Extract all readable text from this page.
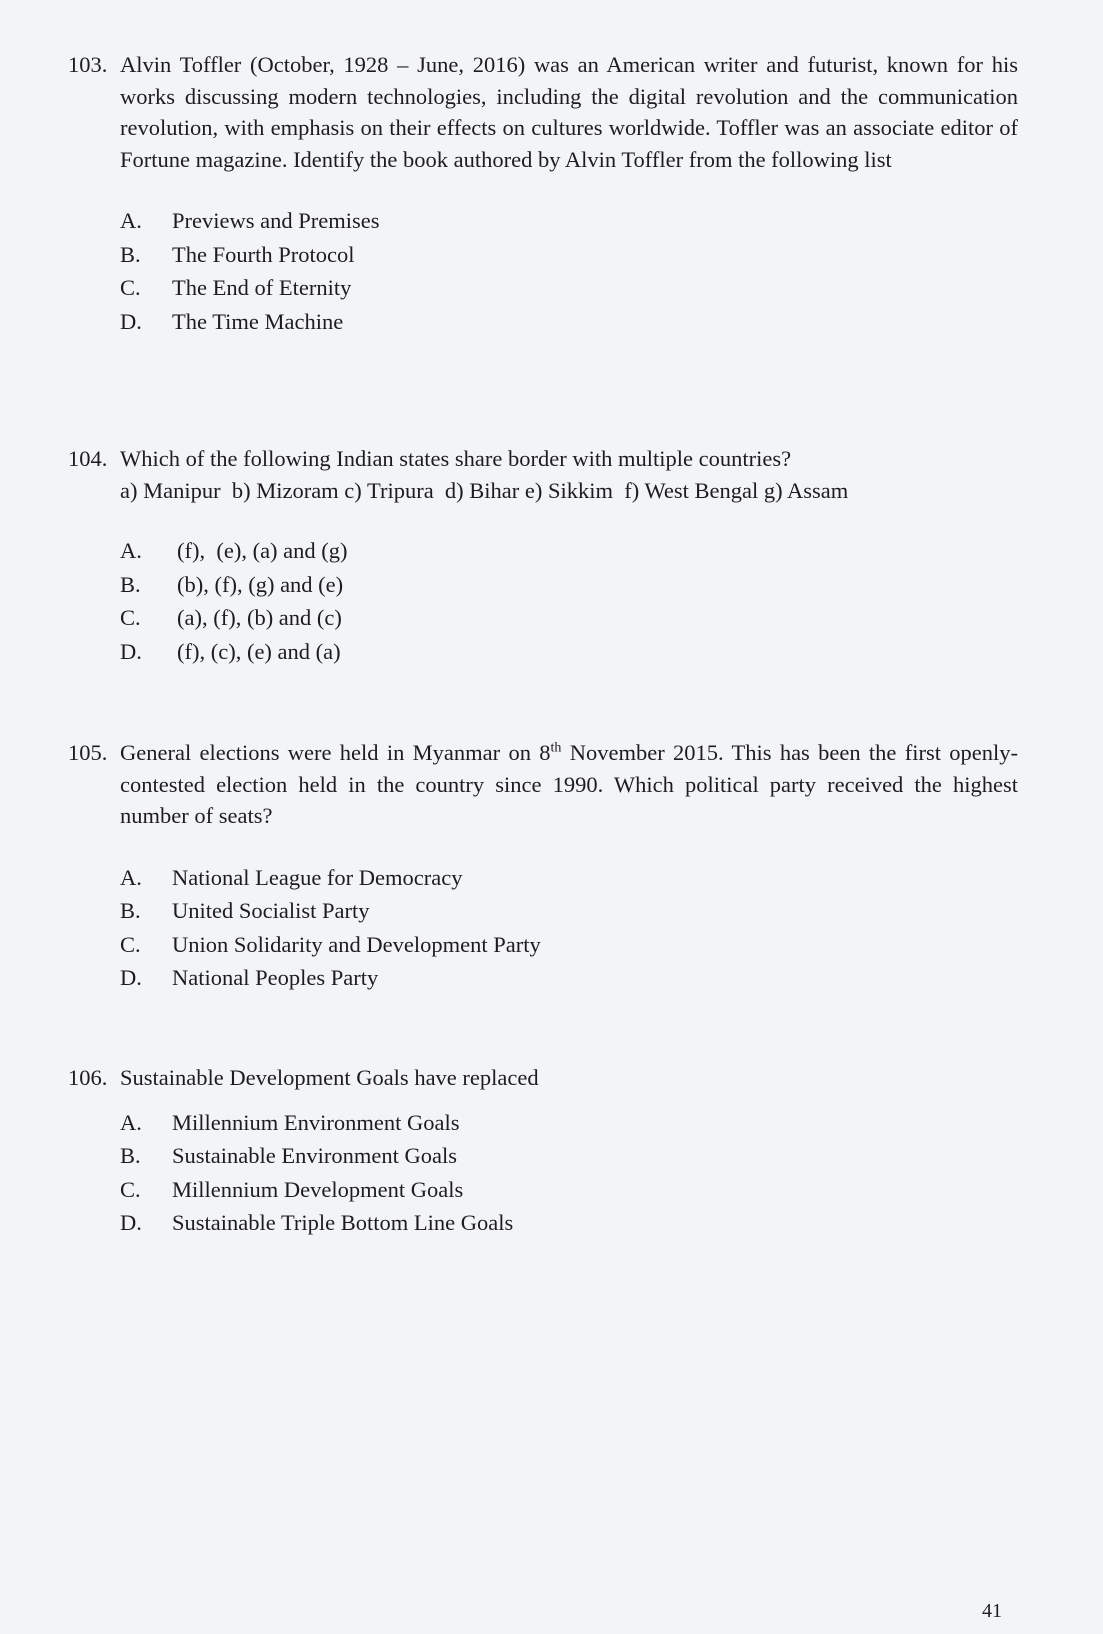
103. Alvin Toffler (October, 1928 – June, 2016) was an American writer and futurist, known for his works discussing modern technologies, including the digital revolution and the communication revolution, with emphasis on their effects on cultures worldwide. Toffler was an associate editor of Fortune magazine. Identify the book authored by Alvin Toffler from the following list
A.	Previews and Premises
B.	The Fourth Protocol
C.	The End of Eternity
D.	The Time Machine
104. Which of the following Indian states share border with multiple countries?

a) Manipur  b) Mizoram c) Tripura  d) Bihar e) Sikkim  f) West Bengal g) Assam

A.	(f),  (e), (a) and (g)
B.	(b), (f), (g) and (e)
C.	(a), (f), (b) and (c)
D.	(f), (c), (e) and (a)
105. General elections were held in Myanmar on 8th November 2015. This has been the first openly-contested election held in the country since 1990. Which political party received the highest number of seats?
A.	National League for Democracy
B.	United Socialist Party
C.	Union Solidarity and Development Party
D.	National Peoples Party
106. Sustainable Development Goals have replaced
A.	Millennium Environment Goals
B.	Sustainable Environment Goals
C.	Millennium Development Goals
D.	Sustainable Triple Bottom Line Goals
41
